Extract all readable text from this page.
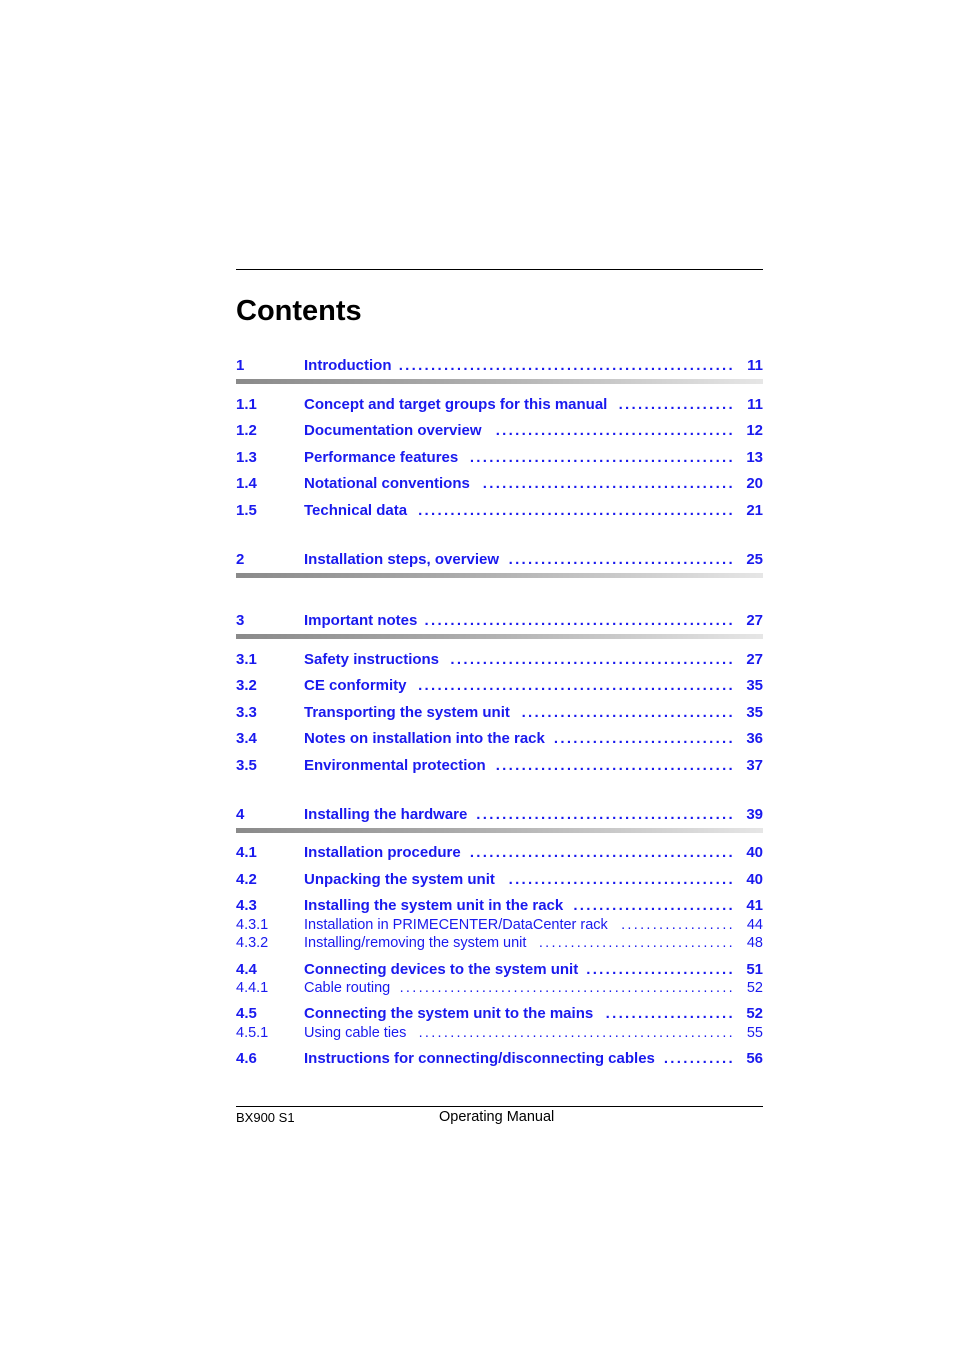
Contents
1	Introduction .................................................... 11
1.1	Concept and target groups for this manual .................. 11
1.2	Documentation overview ..................................... 12
1.3	Performance features ......................................... 13
1.4	Notational conventions ....................................... 20
1.5	Technical data ................................................. 21
2	Installation steps, overview ................................... 25
3	Important notes ................................................ 27
3.1	Safety instructions ............................................ 27
3.2	CE conformity ................................................. 35
3.3	Transporting the system unit ................................. 35
3.4	Notes on installation into the rack ............................ 36
3.5	Environmental protection ..................................... 37
4	Installing the hardware ........................................ 39
4.1	Installation procedure ......................................... 40
4.2	Unpacking the system unit ................................... 40
4.3	Installing the system unit in the rack ......................... 41
4.3.1 Installation in PRIMECENTER/DataCenter rack .................. 44
4.3.2 Installing/removing the system unit ............................... 48
4.4	Connecting devices to the system unit ....................... 51
4.4.1 Cable routing ..................................................... 52
4.5	Connecting the system unit to the mains .................... 52
4.5.1 Using cable ties .................................................. 55
4.6	Instructions for connecting/disconnecting cables ........... 56
BX900 S1	Operating Manual
